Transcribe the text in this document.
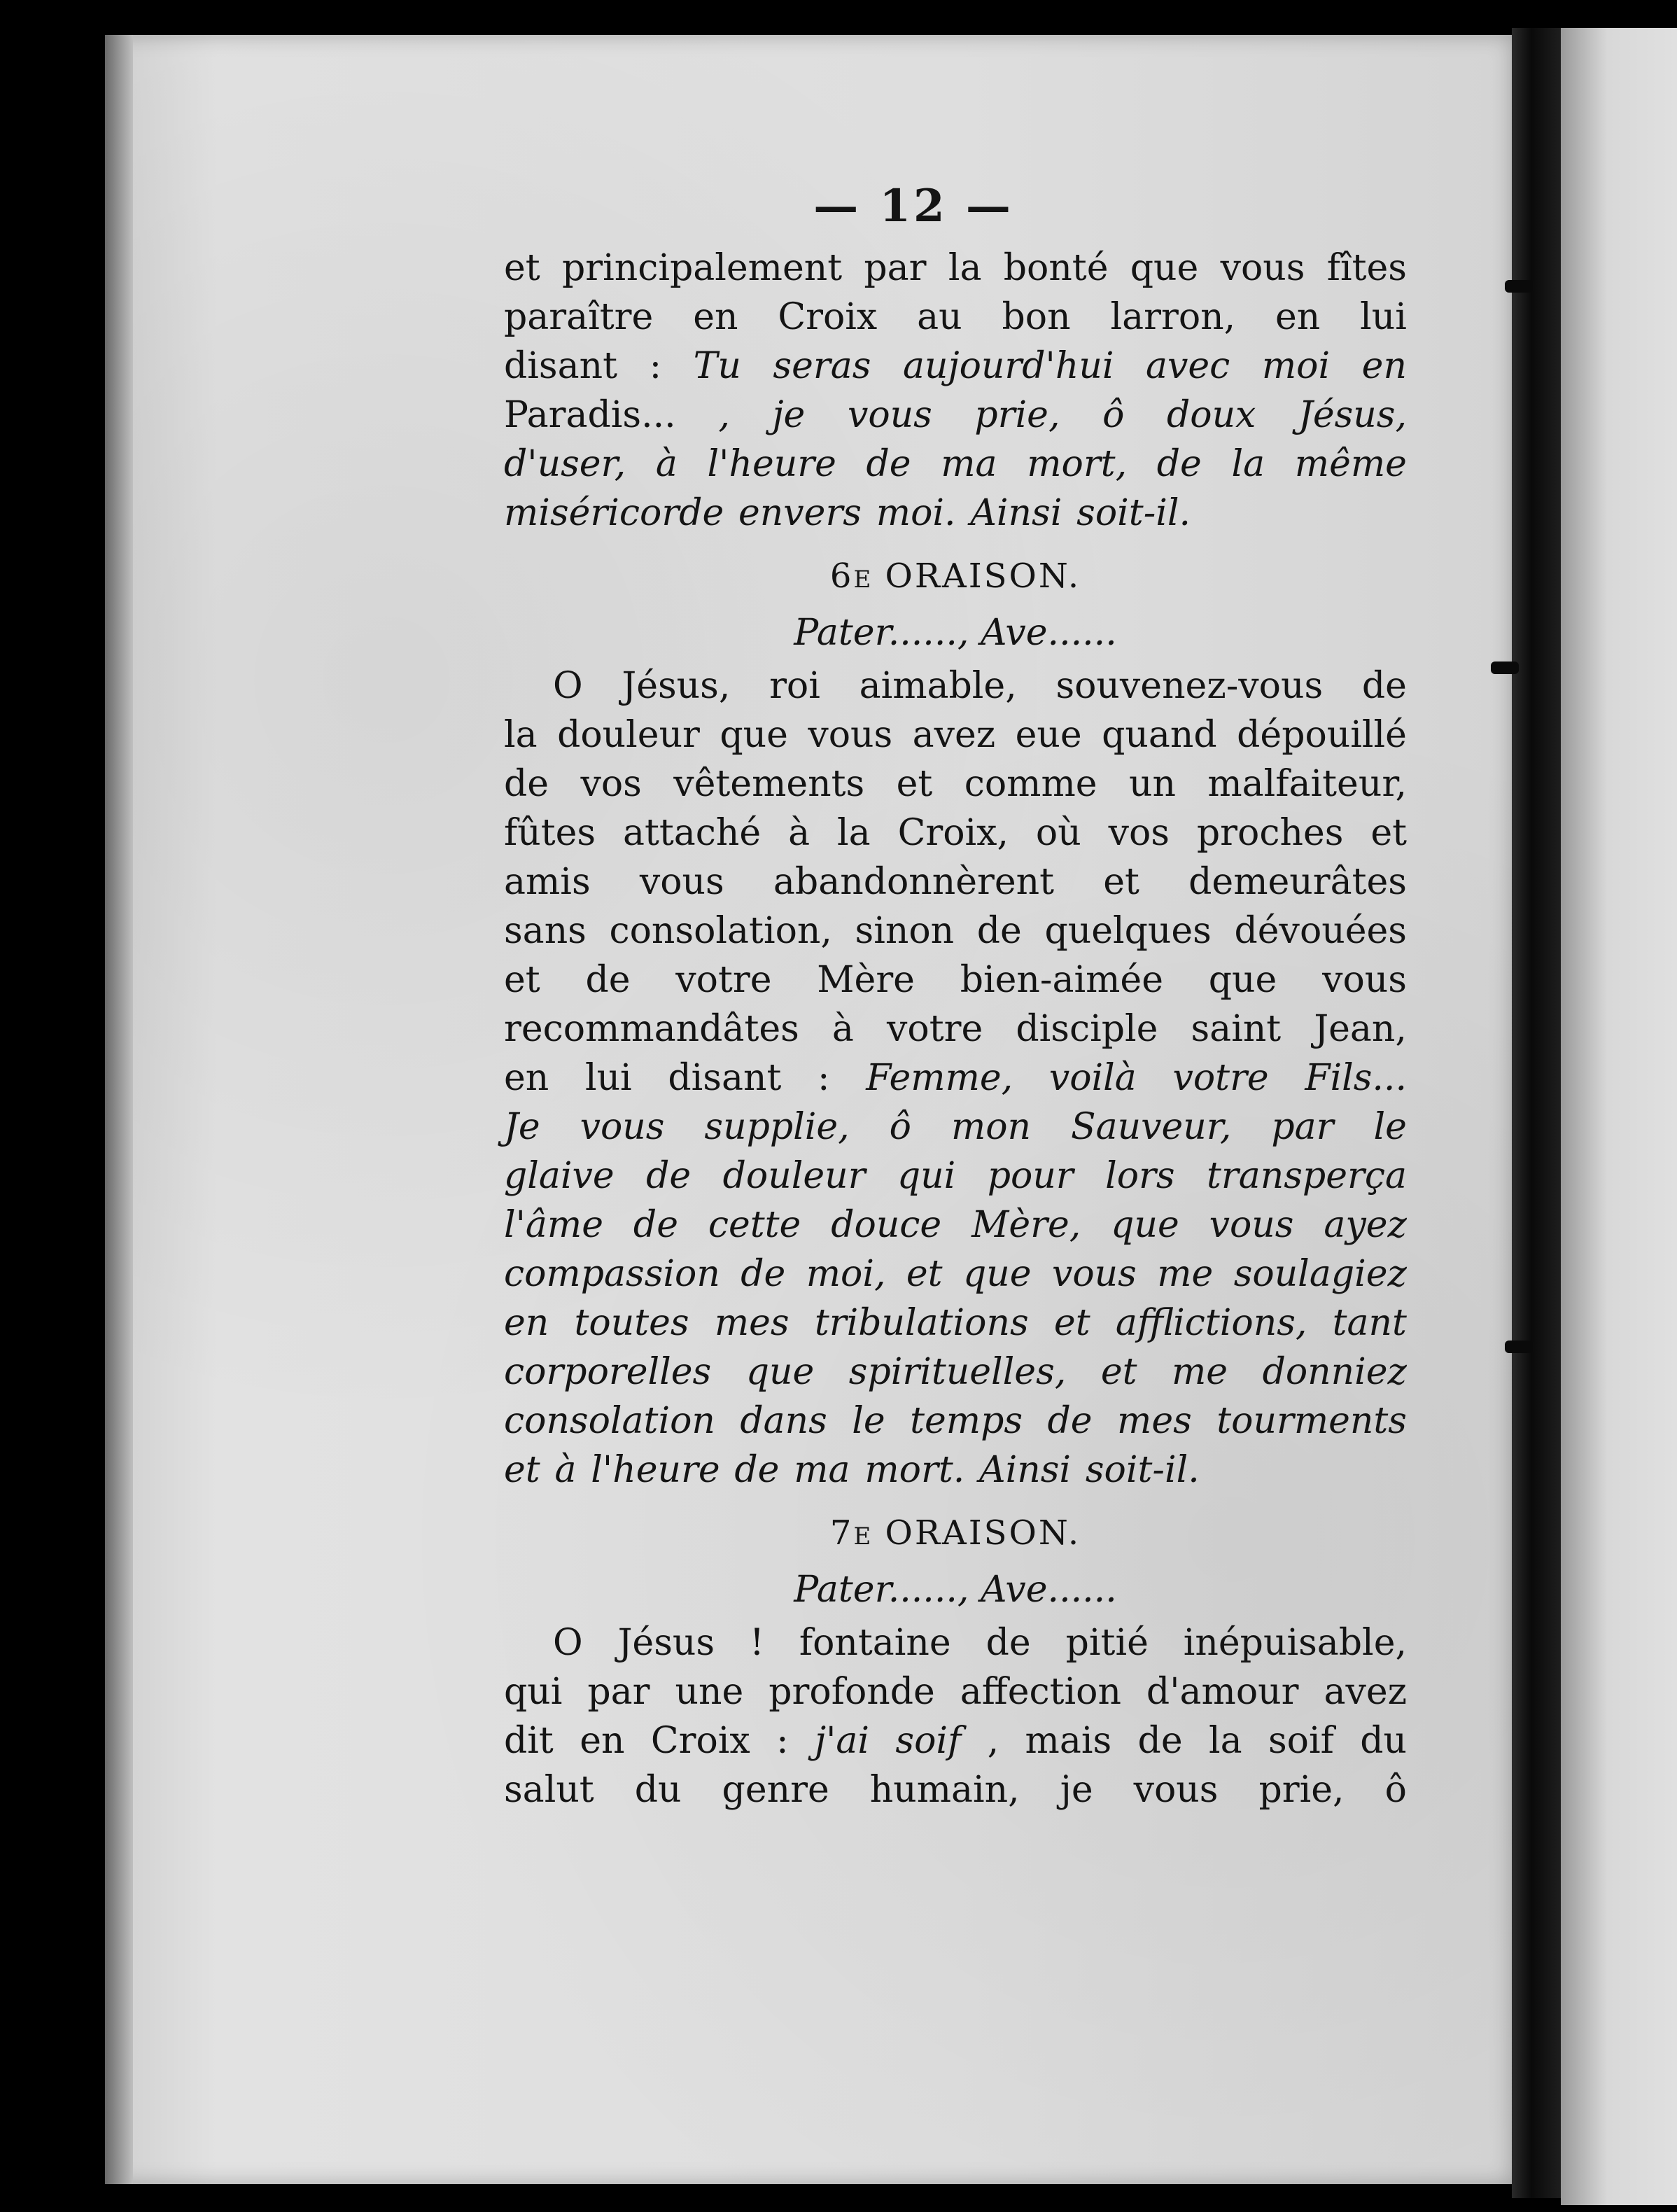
— 12 —
et principalement par la bonté que vous fîtes
paraître en Croix au bon larron, en lui
disant : Tu seras aujourd'hui avec moi en
Paradis... , je vous prie, ô doux Jésus,
d'user, à l'heure de ma mort, de la même
miséricorde envers moi. Ainsi soit-il.
6E ORAISON.
Pater......, Ave......
O Jésus, roi aimable, souvenez-vous de
la douleur que vous avez eue quand dépouillé
de vos vêtements et comme un malfaiteur,
fûtes attaché à la Croix, où vos proches et
amis vous abandonnèrent et demeurâtes
sans consolation, sinon de quelques dévouées
et de votre Mère bien-aimée que vous
recommandâtes à votre disciple saint Jean,
en lui disant : Femme, voilà votre Fils...
Je vous supplie, ô mon Sauveur, par le
glaive de douleur qui pour lors transperça
l'âme de cette douce Mère, que vous ayez
compassion de moi, et que vous me soulagiez
en toutes mes tribulations et afflictions, tant
corporelles que spirituelles, et me donniez
consolation dans le temps de mes tourments
et à l'heure de ma mort. Ainsi soit-il.
7E ORAISON.
Pater......, Ave......
O Jésus ! fontaine de pitié inépuisable,
qui par une profonde affection d'amour avez
dit en Croix : j'ai soif , mais de la soif du
salut du genre humain, je vous prie, ô
